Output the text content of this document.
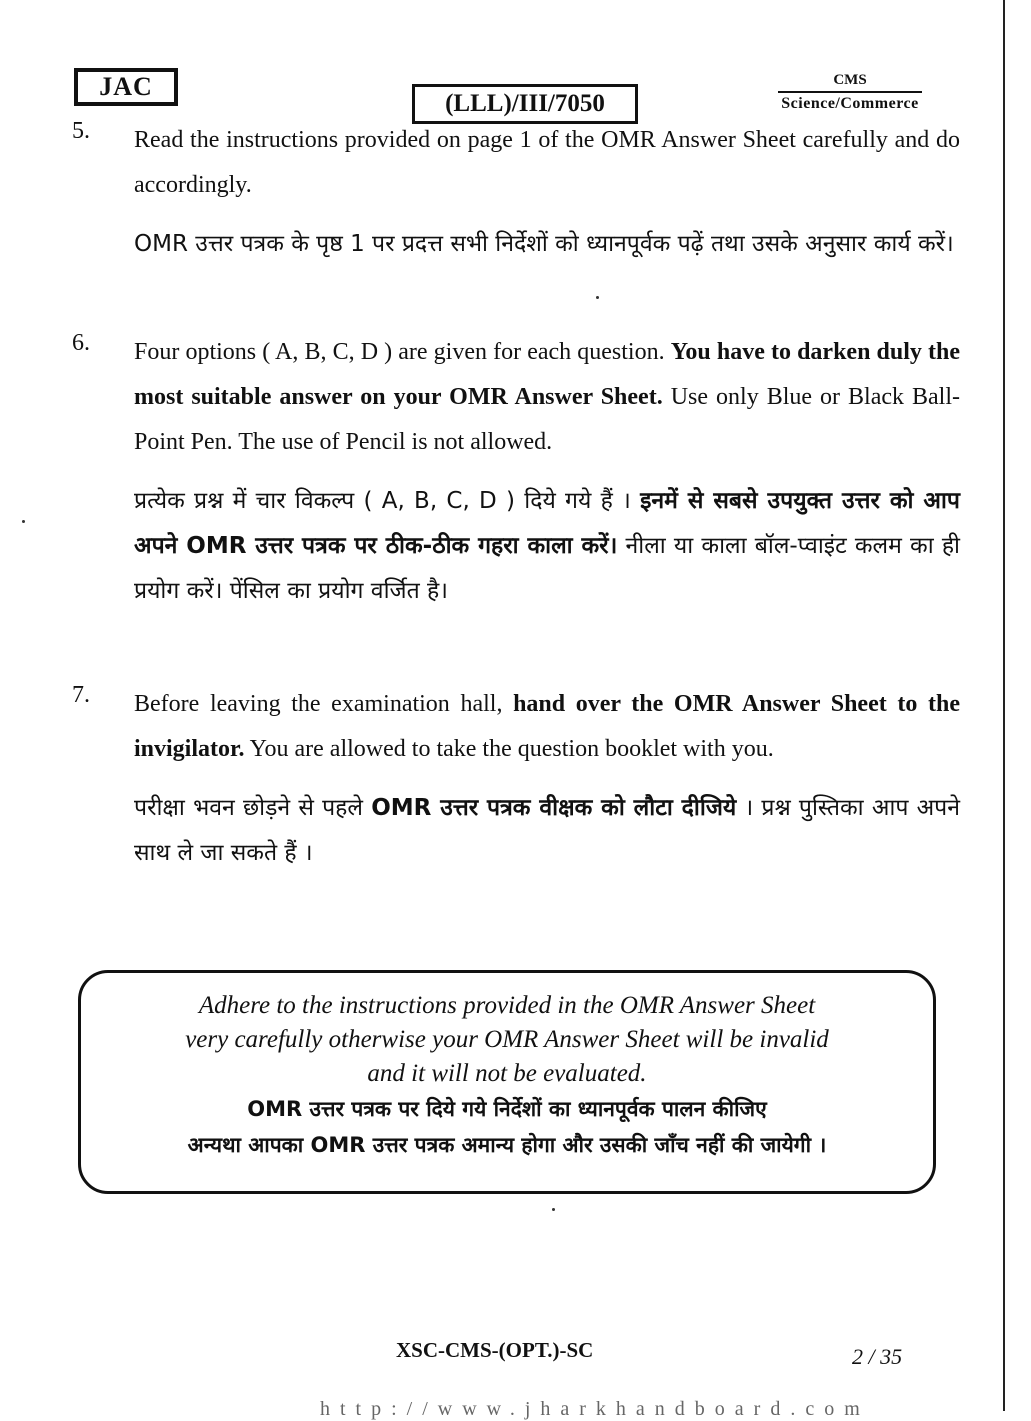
JAC
(LLL)/III/7050
CMS
Science/Commerce
5. Read the instructions provided on page 1 of the OMR Answer Sheet carefully and do accordingly.
OMR उत्तर पत्रक के पृष्ठ 1 पर प्रदत्त सभी निर्देशों को ध्यानपूर्वक पढ़ें तथा उसके अनुसार कार्य करें।
6. Four options ( A, B, C, D ) are given for each question. You have to darken duly the most suitable answer on your OMR Answer Sheet. Use only Blue or Black Ball-Point Pen. The use of Pencil is not allowed.
प्रत्येक प्रश्न में चार विकल्प ( A, B, C, D ) दिये गये हैं । इनमें से सबसे उपयुक्त उत्तर को आप अपने OMR उत्तर पत्रक पर ठीक-ठीक गहरा काला करें। नीला या काला बॉल-प्वाइंट कलम का ही प्रयोग करें। पेंसिल का प्रयोग वर्जित है।
7. Before leaving the examination hall, hand over the OMR Answer Sheet to the invigilator. You are allowed to take the question booklet with you.
परीक्षा भवन छोड़ने से पहले OMR उत्तर पत्रक वीक्षक को लौटा दीजिये । प्रश्न पुस्तिका आप अपने साथ ले जा सकते हैं ।
Adhere to the instructions provided in the OMR Answer Sheet
very carefully otherwise your OMR Answer Sheet will be invalid
and it will not be evaluated.
OMR उत्तर पत्रक पर दिये गये निर्देशों का ध्यानपूर्वक पालन कीजिए
अन्यथा आपका OMR उत्तर पत्रक अमान्य होगा और उसकी जाँच नहीं की जायेगी ।
XSC-CMS-(OPT.)-SC	2 / 35
http://www.jharkhandboard.com
